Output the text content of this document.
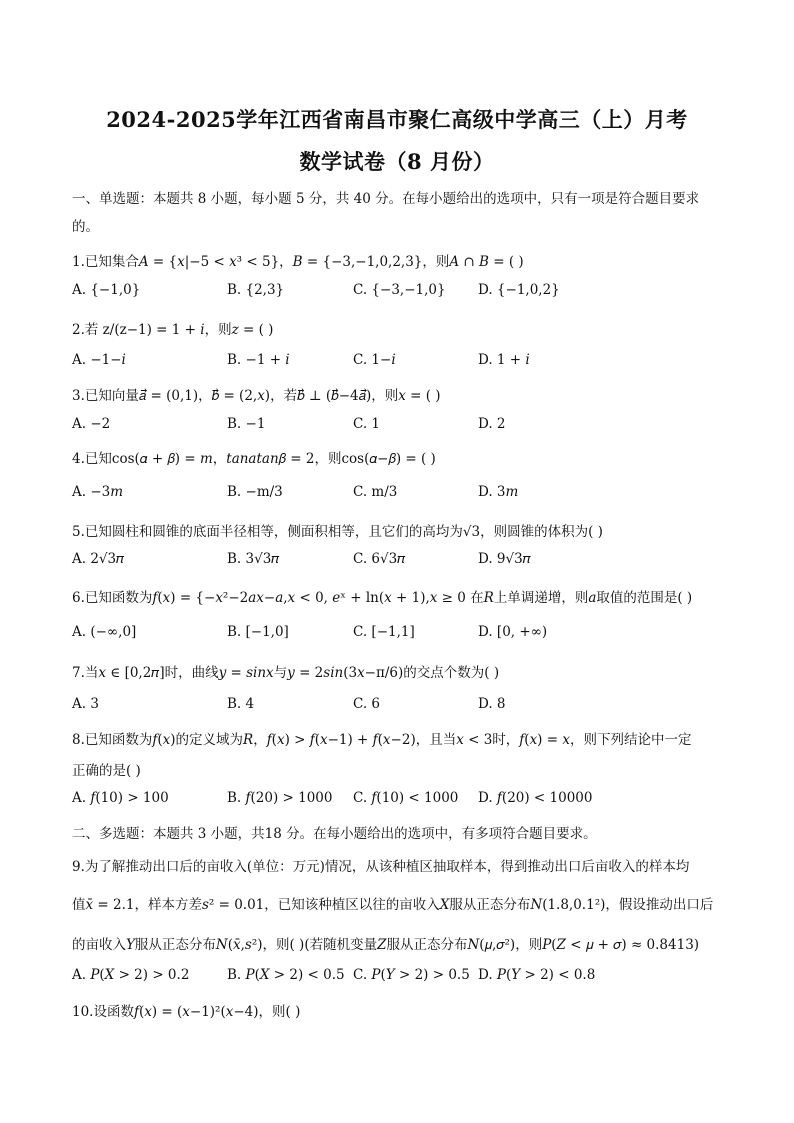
2024-2025学年江西省南昌市聚仁高级中学高三（上）月考
数学试卷（8 月份）
一、单选题：本题共 8 小题，每小题 5 分，共 40 分。在每小题给出的选项中，只有一项是符合题目要求
的。
1.已知集合𝐴 = {𝑥|−5 < 𝑥³ < 5}，𝐵 = {−3,−1,0,2,3}，则𝐴 ∩ 𝐵 = ( )
A. {−1,0}	B. {2,3}	C. {−3,−1,0} D. {−1,0,2}
2.若 z/(z−1) = 1 + 𝑖，则𝑧 = ( )
A. −1−𝑖	B. −1 + 𝑖	C. 1−𝑖	D. 1 + 𝑖
3.已知向量𝑎⃗ = (0,1)，𝑏⃗ = (2,𝑥)，若𝑏⃗ ⊥ (𝑏⃗−4𝑎⃗)，则𝑥 = ( )
A. −2	B. −1	C. 1	D. 2
4.已知cos(𝛼 + 𝛽) = 𝑚，𝑡𝑎𝑛𝑎𝑡𝑎𝑛𝛽 = 2，则cos(𝛼−𝛽) = ( )
A. −3𝑚	B. −m/3	C. m/3	D. 3𝑚
5.已知圆柱和圆锥的底面半径相等，侧面积相等，且它们的高均为√3，则圆锥的体积为( )
A. 2√3𝜋	B. 3√3𝜋	C. 6√3𝜋	D. 9√3𝜋
6.已知函数为𝑓(𝑥) = {−𝑥²−2𝑎𝑥−𝑎,𝑥 < 0, 𝑒ˣ + ln(𝑥 + 1),𝑥 ≥ 0 在𝑅上单调递增，则𝑎取值的范围是( )
A. (−∞,0]	B. [−1,0]	C. [−1,1]	D. [0, +∞)
7.当𝑥 ∈ [0,2𝜋]时，曲线𝑦 = 𝑠𝑖𝑛𝑥与𝑦 = 2𝑠𝑖𝑛(3𝑥−π/6)的交点个数为( )
A. 3	B. 4	C. 6	D. 8
8.已知函数为𝑓(𝑥)的定义域为𝑅，𝑓(𝑥) > 𝑓(𝑥−1) + 𝑓(𝑥−2)，且当𝑥 < 3时，𝑓(𝑥) = 𝑥，则下列结论中一定
正确的是( )
A. 𝑓(10) > 100	B. 𝑓(20) > 1000 C. 𝑓(10) < 1000 D. 𝑓(20) < 10000
二、多选题：本题共 3 小题，共18 分。在每小题给出的选项中，有多项符合题目要求。
9.为了解推动出口后的亩收入(单位：万元)情况，从该种植区抽取样本，得到推动出口后亩收入的样本均
值𝑥̄ = 2.1，样本方差𝑠² = 0.01，已知该种植区以往的亩收入𝑋服从正态分布𝑁(1.8,0.1²)，假设推动出口后
的亩收入𝑌服从正态分布𝑁(𝑥̄,𝑠²)，则( )(若随机变量𝑍服从正态分布𝑁(𝜇,𝜎²)，则𝑃(𝑍 < 𝜇 + 𝜎) ≈ 0.8413)
A. 𝑃(𝑋 > 2) > 0.2	B. 𝑃(𝑋 > 2) < 0.5 C. 𝑃(𝑌 > 2) > 0.5 D. 𝑃(𝑌 > 2) < 0.8
10.设函数𝑓(𝑥) = (𝑥−1)²(𝑥−4)，则( )
